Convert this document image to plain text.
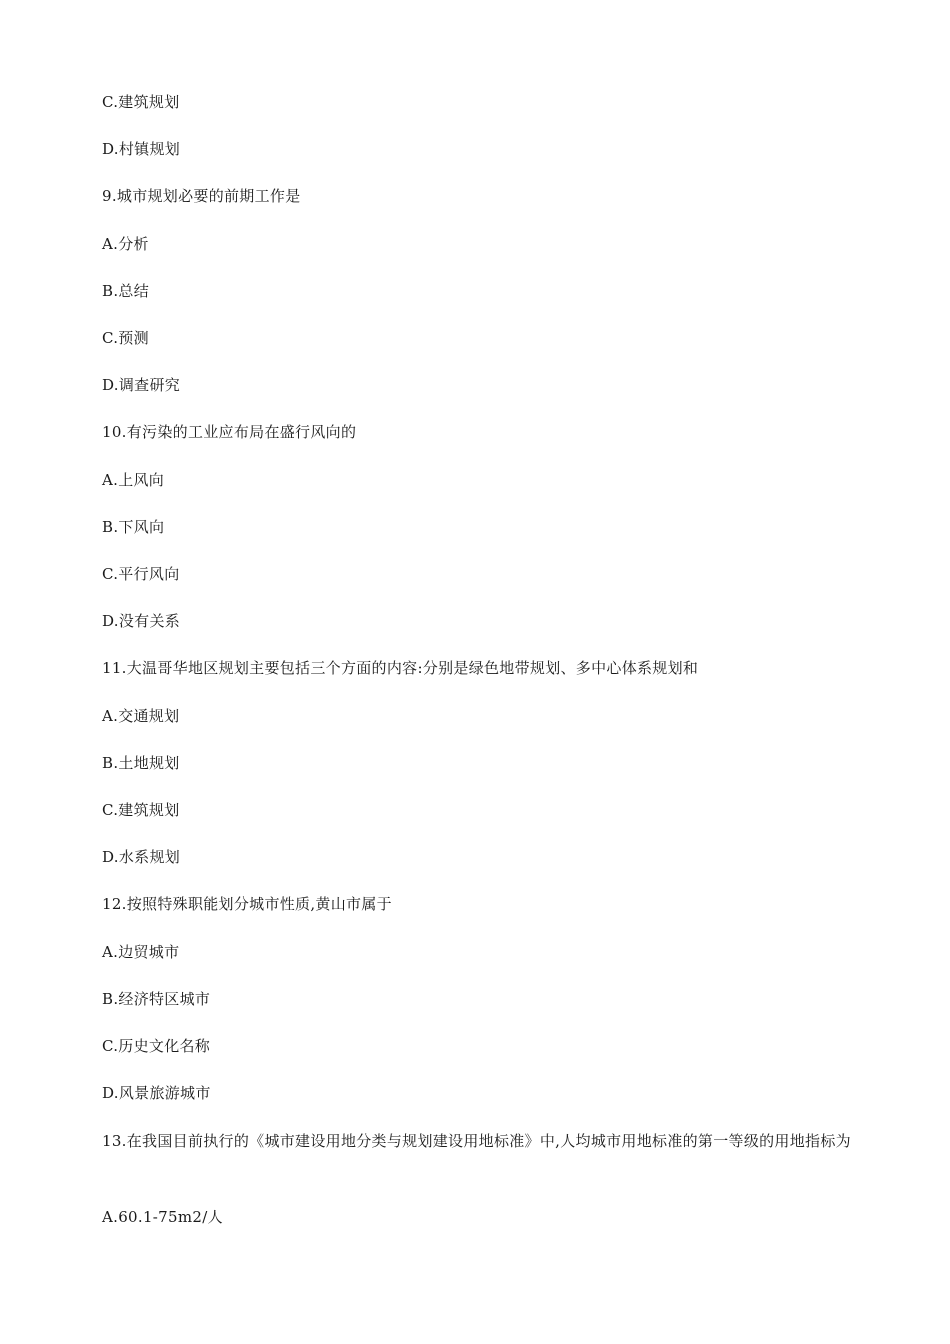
C.建筑规划
D.村镇规划
9.城市规划必要的前期工作是
A.分析
B.总结
C.预测
D.调查研究
10.有污染的工业应布局在盛行风向的
A.上风向
B.下风向
C.平行风向
D.没有关系
11.大温哥华地区规划主要包括三个方面的内容:分别是绿色地带规划、多中心体系规划和
A.交通规划
B.土地规划
C.建筑规划
D.水系规划
12.按照特殊职能划分城市性质,黄山市属于
A.边贸城市
B.经济特区城市
C.历史文化名称
D.风景旅游城市
13.在我国目前执行的《城市建设用地分类与规划建设用地标准》中,人均城市用地标准的第一等级的用地指标为
A.60.1-75m2/人
